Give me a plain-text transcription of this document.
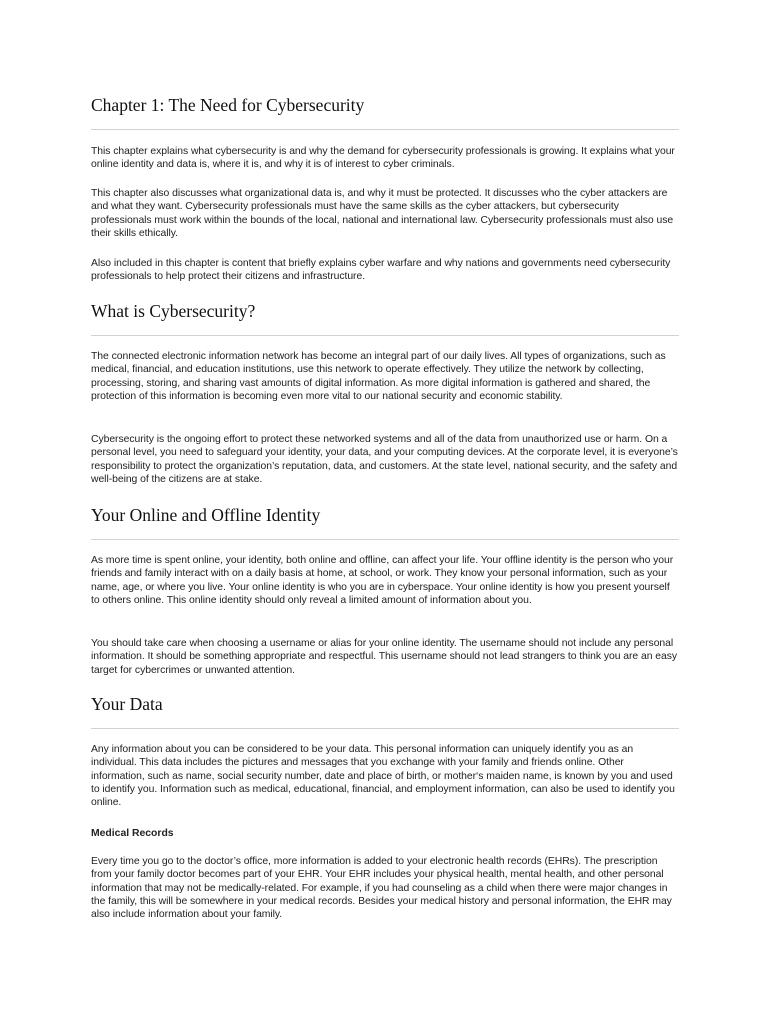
Chapter 1: The Need for Cybersecurity

This chapter explains what cybersecurity is and why the demand for cybersecurity professionals is growing. It explains what your online identity and data is, where it is, and why it is of interest to cyber criminals.

This chapter also discusses what organizational data is, and why it must be protected. It discusses who the cyber attackers are and what they want. Cybersecurity professionals must have the same skills as the cyber attackers, but cybersecurity professionals must work within the bounds of the local, national and international law. Cybersecurity professionals must also use their skills ethically.

Also included in this chapter is content that briefly explains cyber warfare and why nations and governments need cybersecurity professionals to help protect their citizens and infrastructure.

What is Cybersecurity?

The connected electronic information network has become an integral part of our daily lives. All types of organizations, such as medical, financial, and education institutions, use this network to operate effectively. They utilize the network by collecting, processing, storing, and sharing vast amounts of digital information. As more digital information is gathered and shared, the protection of this information is becoming even more vital to our national security and economic stability.

Cybersecurity is the ongoing effort to protect these networked systems and all of the data from unauthorized use or harm. On a personal level, you need to safeguard your identity, your data, and your computing devices. At the corporate level, it is everyone’s responsibility to protect the organization’s reputation, data, and customers. At the state level, national security, and the safety and well-being of the citizens are at stake.

Your Online and Offline Identity

As more time is spent online, your identity, both online and offline, can affect your life. Your offline identity is the person who your friends and family interact with on a daily basis at home, at school, or work. They know your personal information, such as your name, age, or where you live. Your online identity is who you are in cyberspace. Your online identity is how you present yourself to others online. This online identity should only reveal a limited amount of information about you.

You should take care when choosing a username or alias for your online identity. The username should not include any personal information. It should be something appropriate and respectful. This username should not lead strangers to think you are an easy target for cybercrimes or unwanted attention.

Your Data

Any information about you can be considered to be your data. This personal information can uniquely identify you as an individual. This data includes the pictures and messages that you exchange with your family and friends online. Other information, such as name, social security number, date and place of birth, or mother‘s maiden name, is known by you and used to identify you. Information such as medical, educational, financial, and employment information, can also be used to identify you online.

Medical Records

Every time you go to the doctor’s office, more information is added to your electronic health records (EHRs). The prescription from your family doctor becomes part of your EHR. Your EHR includes your physical health, mental health, and other personal information that may not be medically-related. For example, if you had counseling as a child when there were major changes in the family, this will be somewhere in your medical records. Besides your medical history and personal information, the EHR may also include information about your family.
